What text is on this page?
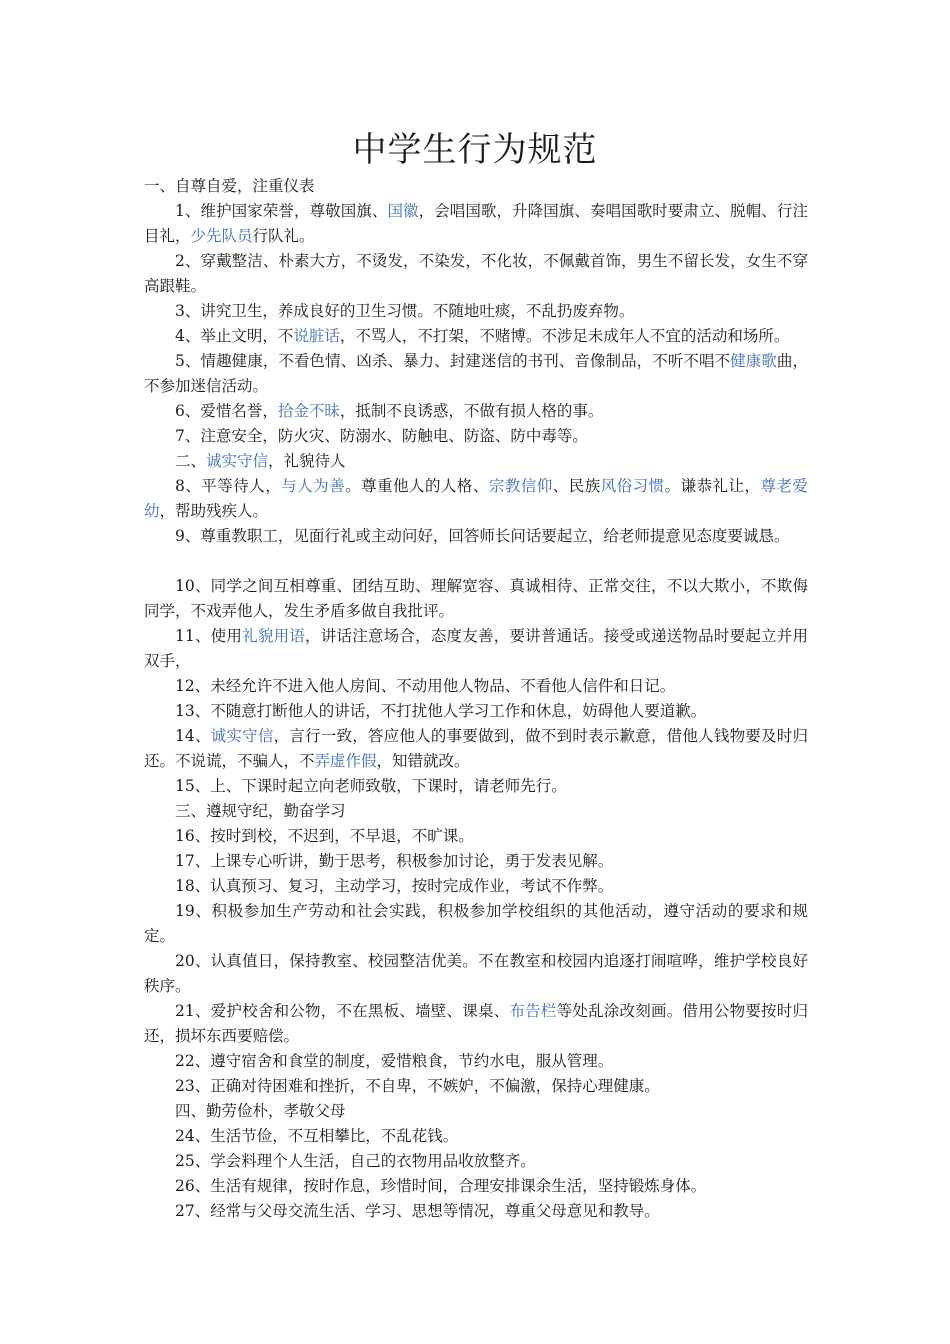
中学生行为规范

一、自尊自爱，注重仪表

1、维护国家荣誉，尊敬国旗、国徽，会唱国歌，升降国旗、奏唱国歌时要肃立、脱帽、行注目礼，少先队员行队礼。

2、穿戴整洁、朴素大方，不烫发，不染发，不化妆，不佩戴首饰，男生不留长发，女生不穿高跟鞋。

3、讲究卫生，养成良好的卫生习惯。不随地吐痰，不乱扔废弃物。

4、举止文明，不说脏话，不骂人，不打架，不赌博。不涉足未成年人不宜的活动和场所。

5、情趣健康，不看色情、凶杀、暴力、封建迷信的书刊、音像制品，不听不唱不健康歌曲，不参加迷信活动。

6、爱惜名誉，拾金不昧，抵制不良诱惑，不做有损人格的事。

7、注意安全，防火灾、防溺水、防触电、防盗、防中毒等。

二、诚实守信，礼貌待人

8、平等待人，与人为善。尊重他人的人格、宗教信仰、民族风俗习惯。谦恭礼让，尊老爱幼，帮助残疾人。

9、尊重教职工，见面行礼或主动问好，回答师长问话要起立，给老师提意见态度要诚恳。

10、同学之间互相尊重、团结互助、理解宽容、真诚相待、正常交往，不以大欺小，不欺侮同学，不戏弄他人，发生矛盾多做自我批评。

11、使用礼貌用语，讲话注意场合，态度友善，要讲普通话。接受或递送物品时要起立并用双手，

12、未经允许不进入他人房间、不动用他人物品、不看他人信件和日记。

13、不随意打断他人的讲话，不打扰他人学习工作和休息，妨碍他人要道歉。

14、诚实守信，言行一致，答应他人的事要做到，做不到时表示歉意，借他人钱物要及时归还。不说谎，不骗人，不弄虚作假，知错就改。

15、上、下课时起立向老师致敬，下课时，请老师先行。

三、遵规守纪，勤奋学习

16、按时到校，不迟到，不早退，不旷课。

17、上课专心听讲，勤于思考，积极参加讨论，勇于发表见解。

18、认真预习、复习，主动学习，按时完成作业，考试不作弊。

19、积极参加生产劳动和社会实践，积极参加学校组织的其他活动，遵守活动的要求和规定。

20、认真值日，保持教室、校园整洁优美。不在教室和校园内追逐打闹喧哗，维护学校良好秩序。

21、爱护校舍和公物，不在黑板、墙壁、课桌、布告栏等处乱涂改刻画。借用公物要按时归还，损坏东西要赔偿。

22、遵守宿舍和食堂的制度，爱惜粮食，节约水电，服从管理。

23、正确对待困难和挫折，不自卑，不嫉妒，不偏激，保持心理健康。

四、勤劳俭朴，孝敬父母

24、生活节俭，不互相攀比，不乱花钱。

25、学会料理个人生活，自己的衣物用品收放整齐。

26、生活有规律，按时作息，珍惜时间，合理安排课余生活，坚持锻炼身体。

27、经常与父母交流生活、学习、思想等情况，尊重父母意见和教导。
